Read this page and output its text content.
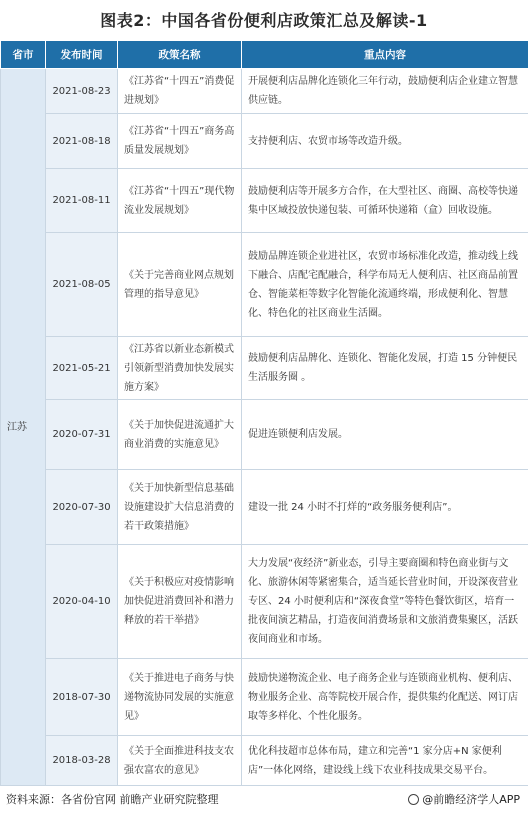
图表2：中国各省份便利店政策汇总及解读-1
省市	发布时间	政策名称	重点内容
江苏	2021-08-23	《江苏省“十四五”消费促进规划》	开展便利店品牌化连锁化三年行动，鼓励便利店企业建立智慧供应链。
	2021-08-18	《江苏省“十四五”商务高质量发展规划》	支持便利店、农贸市场等改造升级。
	2021-08-11	《江苏省“十四五”现代物流业发展规划》	鼓励便利店等开展多方合作，在大型社区、商圈、高校等快递集中区域投放快递包装、可循环快递箱（盒）回收设施。
	2021-08-05	《关于完善商业网点规划管理的指导意见》	鼓励品牌连锁企业进社区，农贸市场标准化改造，推动线上线下融合、店配宅配融合，科学布局无人便利店、社区商品前置仓、智能菜柜等数字化智能化流通终端，形成便利化、智慧化、特色化的社区商业生活圈。
	2021-05-21	《江苏省以新业态新模式引领新型消费加快发展实施方案》	鼓励便利店品牌化、连锁化、智能化发展，打造 15 分钟便民生活服务圈 。
	2020-07-31	《关于加快促进流通扩大商业消费的实施意见》	促进连锁便利店发展。
	2020-07-30	《关于加快新型信息基础设施建设扩大信息消费的若干政策措施》	建设一批 24 小时不打烊的“政务服务便利店”。
	2020-04-10	《关于积极应对疫情影响加快促进消费回补和潜力释放的若干举措》	大力发展“夜经济”新业态，引导主要商圈和特色商业街与文化、旅游休闲等紧密集合，适当延长营业时间，开设深夜营业专区、24 小时便利店和“深夜食堂”等特色餐饮街区，培育一批夜间演艺精品，打造夜间消费场景和文旅消费集聚区，活跃夜间商业和市场。
	2018-07-30	《关于推进电子商务与快递物流协同发展的实施意见》	鼓励快递物流企业、电子商务企业与连锁商业机构、便利店、物业服务企业、高等院校开展合作，提供集约化配送、网订店取等多样化、个性化服务。
	2018-03-28	《关于全面推进科技支农强农富农的意见》	优化科技超市总体布局，建立和完善“1 家分店+N 家便利店”一体化网络，建设线上线下农业科技成果交易平台。
资料来源：各省份官网 前瞻产业研究院整理	@前瞻经济学人APP
